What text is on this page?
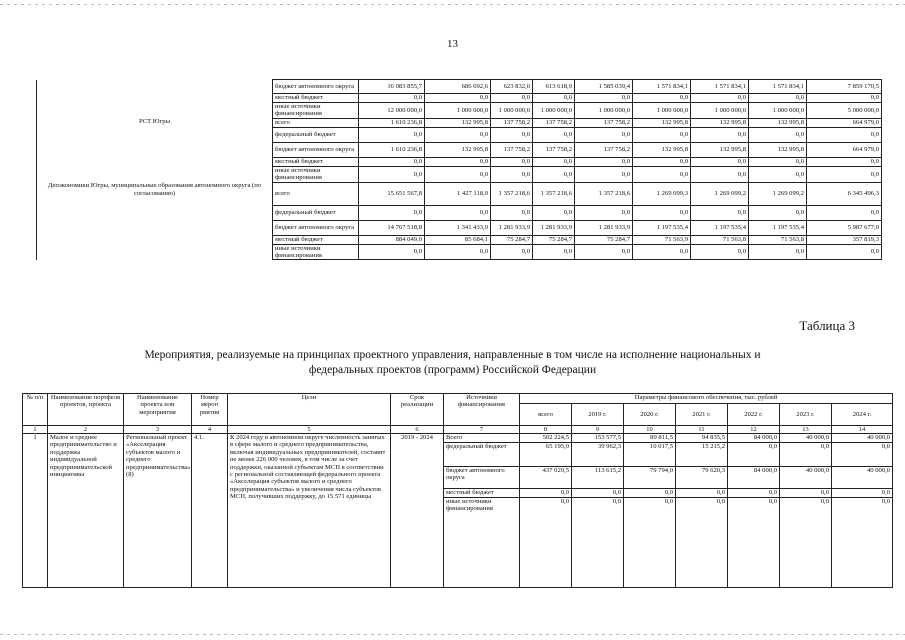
13
	бюджет автономного округа	16 083 855,7	686 692,6	623 832,0	613 618,9	1 585 039,4	1 571 834,1	1 571 834,1	1 571 834,1	7 859 170,5
	местный бюджет	0,0	0,0	0,0	0,0	0,0	0,0	0,0	0,0	0,0
	иные источники финансирования	12 000 000,0	1 000 000,0	1 000 000,0	1 000 000,0	1 000 000,0	1 000 000,0	1 000 000,0	1 000 000,0	5 000 000,0
РСТ Югры	всего	1 610 236,8	132 995,8	137 758,2	137 758,2	137 758,2	132 995,8	132 995,8	132 995,8	664 979,0
	федеральный бюджет	0,0	0,0	0,0	0,0	0,0	0,0	0,0	0,0	0,0
	бюджет автономного округа	1 610 236,8	132 995,8	137 758,2	137 758,2	137 758,2	132 995,8	132 995,8	132 995,8	664 979,0
	местный бюджет	0,0	0,0	0,0	0,0	0,0	0,0	0,0	0,0	0,0
	иные источники финансирования	0,0	0,0	0,0	0,0	0,0	0,0	0,0	0,0	0,0
Депэкономики Югры, муниципальные образования автономного округа (по согласованию)	всего	15 651 567,8	1 427 118,0	1 357 218,6	1 357 218,6	1 357 218,6	1 269 099,3	1 269 099,2	1 269 099,2	6 345 496,3
	федеральный бюджет	0,0	0,0	0,0	0,0	0,0	0,0	0,0	0,0	0,0
	бюджет автономного округа	14 767 518,8	1 341 433,9	1 281 933,9	1 281 933,9	1 281 933,9	1 197 535,4	1 197 535,4	1 197 535,4	5 987 677,0
	местный бюджет	884 049,0	85 684,1	75 284,7	75 284,7	75 284,7	71 563,9	71 563,8	71 563,8	357 819,3
	иные источники финансирования	0,0	0,0	0,0	0,0	0,0	0,0	0,0	0,0	0,0
Таблица 3
Мероприятия, реализуемые на принципах проектного управления, направленные в том числе на исполнение национальных и
федеральных проектов (программ) Российской Федерации
№ п/п	Наименование портфеля проектов, проекта	Наименование проекта или мероприятия	Номер мероп риятия	Цели	Срок реализации	Источники финансирования	Параметры финансового обеспечения, тыс. рублей						
							всего	2019 г.	2020 г.	2021 г.	2022 г.	2023 г.	2024 г.
1	2	3	4	5	6	7	8	9	10	11	12	13	14
1	Малое и среднее предпринимательство и поддержка индивидуальной предпринимательской инициативы	Региональный проект «Акселерация субъектов малого и среднего предпринимательства» (8)	4.1.	К 2024 году в автономном округе численность занятых в сфере малого и среднего предпринимательства, включая индивидуальных предпринимателей, составит не менее 226 000 человек, в том числе за счет поддержки, оказанной субъектам МСП в соответствии с региональной составляющей федерального проекта «Акселерация субъектов малого и среднего предпринимательства» и увеличения числа субъектов МСП, получивших поддержку, до 15 571 единицы	2019 - 2024	Всего	502 224,5	153 577,5	89 811,5	94 835,5	84 000,0	40 000,0	40 000,0
						федеральный бюджет	65 195,0	39 962,3	10 017,5	15 215,2	0,0	0,0	0,0
						бюджет автономного округа	437 029,5	113 615,2	79 794,0	79 620,3	84 000,0	40 000,0	40 000,0
						местный бюджет	0,0	0,0	0,0	0,0	0,0	0,0	0,0
						иные источники финансирования	0,0	0,0	0,0	0,0	0,0	0,0	0,0
